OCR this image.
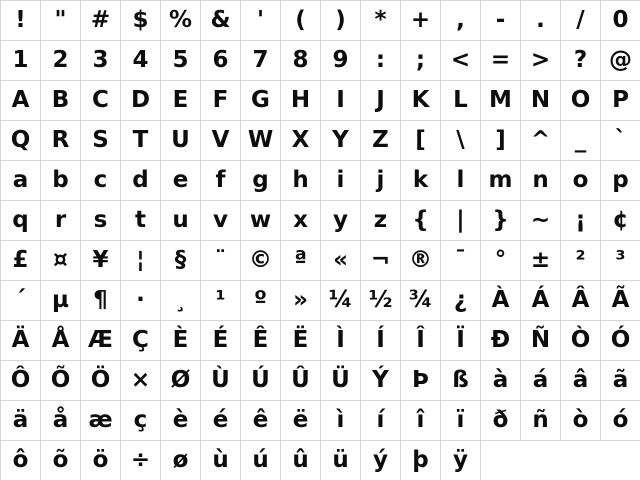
!	"	# $ % &	'	(	)	*	+	,	-	.	/	0
1	2	3	4	5	6	7	8	9	:	;	< = >	? @
A B C D E	F G H	I	J	K	L M N O P
Q R S	T U V W X Y	Z	[	\	]	^	_	`
a	b	c	d	e	f	g	h	i	j	k	l	m n	o	p
q	r	s	t	u	v w x	y	z	{	|	} ~	¡	¢
£	¤	¥	¦	§	¨ © ª	« ¬ ® ¯	°	±	²	³
´	µ	¶	·	¸	¹	º	» ¼ ½ ¾ ¿	À Á Â Ã
Ä Å Æ Ç	È	É	Ê	Ë	Ì	Í	Î	Ï	Ð Ñ Ò Ó
Ô Õ Ö × Ø Ù Ú Û Ü Ý	Þ	ß	à	á	â	ã
ä	å æ ç	è	é	ê	ë	ì	í	î	ï	ð	ñ	ò	ó
ô	õ	ö ÷ ø	ù	ú	û	ü	ý	þ	ÿ
